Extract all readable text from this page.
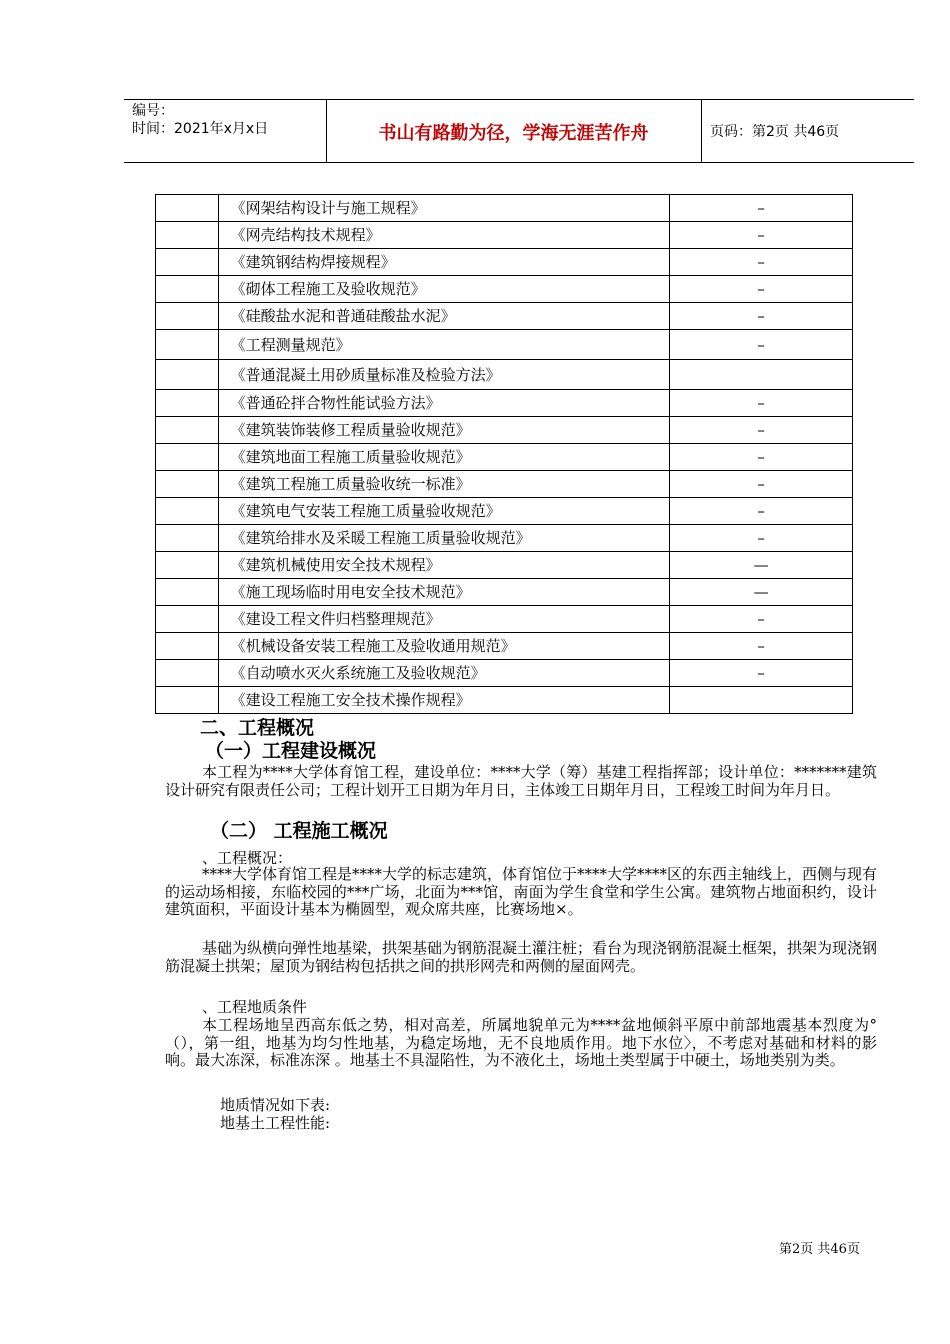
编号：
时间：2021年x月x日	书山有路勤为径，学海无涯苦作舟	页码：第2页 共46页
	《网架结构设计与施工规程》	–
	《网壳结构技术规程》	–
	《建筑钢结构焊接规程》	–
	《砌体工程施工及验收规范》	–
	《硅酸盐水泥和普通硅酸盐水泥》	–
	《工程测量规范》	–
	《普通混凝土用砂质量标准及检验方法》	
	《普通砼拌合物性能试验方法》	–
	《建筑装饰装修工程质量验收规范》	–
	《建筑地面工程施工质量验收规范》	–
	《建筑工程施工质量验收统一标准》	–
	《建筑电气安装工程施工质量验收规范》	–
	《建筑给排水及采暖工程施工质量验收规范》	–
	《建筑机械使用安全技术规程》	—
	《施工现场临时用电安全技术规范》	—
	《建设工程文件归档整理规范》	–
	《机械设备安装工程施工及验收通用规范》	–
	《自动喷水灭火系统施工及验收规范》	–
	《建设工程施工安全技术操作规程》	
二、工程概况
（一）工程建设概况
本工程为****大学体育馆工程，建设单位：****大学（筹）基建工程指挥部；设计单位：*******建筑设计研究有限责任公司；工程计划开工日期为年月日，主体竣工日期年月日，工程竣工时间为年月日。
（二） 工程施工概况
、工程概况：
****大学体育馆工程是****大学的标志建筑，体育馆位于****大学****区的东西主轴线上，西侧与现有的运动场相接，东临校园的***广场，北面为***馆，南面为学生食堂和学生公寓。建筑物占地面积约，设计建筑面积，平面设计基本为椭圆型，观众席共座，比赛场地×。
基础为纵横向弹性地基梁，拱架基础为钢筋混凝土灌注桩；看台为现浇钢筋混凝土框架，拱架为现浇钢筋混凝土拱架；屋顶为钢结构包括拱之间的拱形网壳和两侧的屋面网壳。
、工程地质条件
本工程场地呈西高东低之势，相对高差，所属地貌单元为****盆地倾斜平原中前部地震基本烈度为°（），第一组，地基为均匀性地基，为稳定场地，无不良地质作用。地下水位〉，不考虑对基础和材料的影响。最大冻深，标准冻深 。地基土不具湿陷性，为不液化土，场地土类型属于中硬土，场地类别为类。
地质情况如下表:
地基土工程性能:
第2页 共46页
